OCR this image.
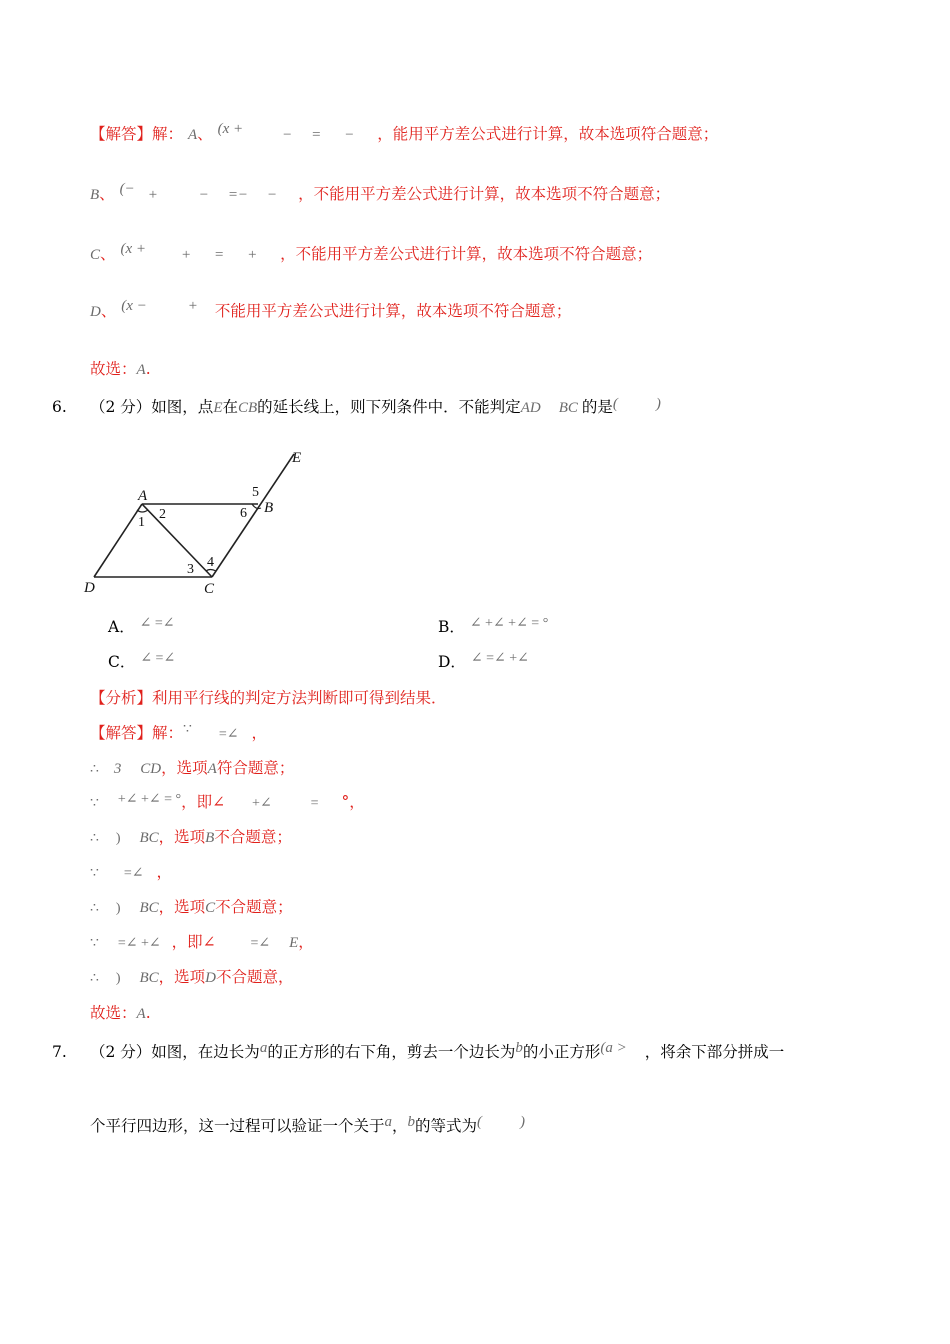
【解答】解： A、 (x +	− = − ，能用平方差公式进行计算，故本选项符合题意；
B、 (− +	− =− − ，不能用平方差公式进行计算，故本选项不符合题意；
C、 (x + + = + ，不能用平方差公式进行计算，故本选项不符合题意；
D、 (x −	+ 不能用平方差公式进行计算，故本选项不符合题意；
故选：A.
6. （2 分）如图，点E在CB的延长线上，则下列条件中．不能判定AD BC 的是(	)
E
A
B
C
D
1
2
3 4
5
6
A． ∠ =∠	B． ∠ +∠ +∠ = °
C． ∠ =∠	D． ∠ =∠ +∠
【分析】利用平行线的判定方法判断即可得到结果．
【解答】解：∵ =∠ ，
∴ 3 CD，选项A符合题意；
∵ +∠ +∠ = °，即∠ +∠	= °，
∴ ) BC，选项B不合题意；
∵ =∠ ，
∴ ) BC，选项C不合题意；
∵ =∠ +∠ ，即∠ =∠ E，
∴ ) BC，选项D不合题意，
故选：A.
7. （2 分）如图，在边长为a的正方形的右下角，剪去一个边长为b的小正方形(a > ，将余下部分拼成一
个平行四边形，这一过程可以验证一个关于a，b的等式为(	)
